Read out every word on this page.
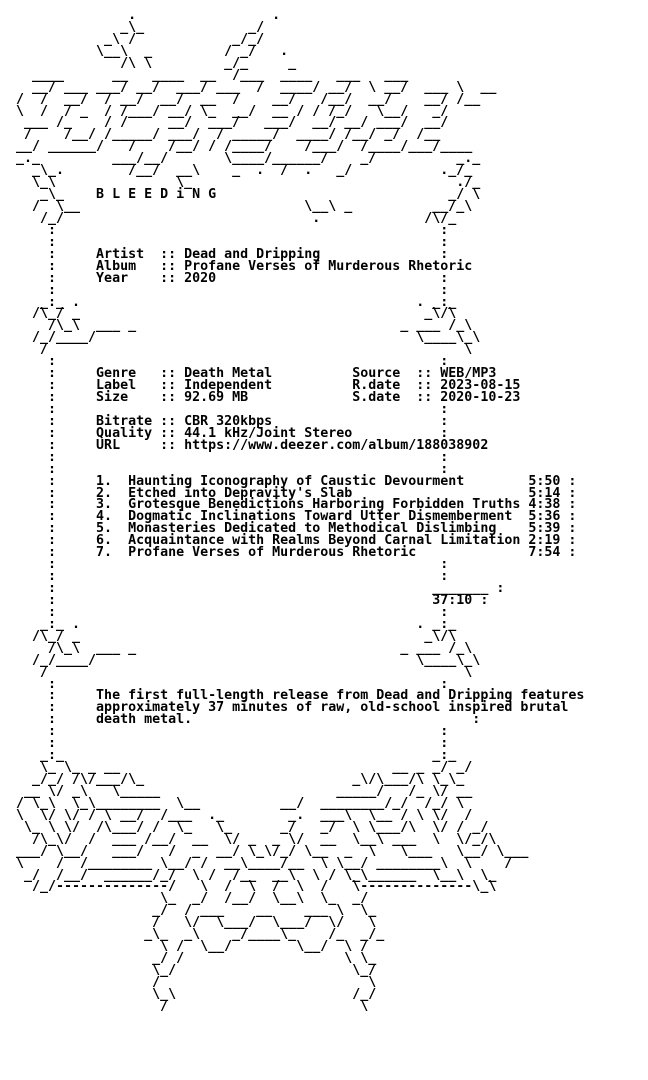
.                 .
_\_             _/
_\ /            _/_/
\__\  _         / _/   .
/\ \         _/_     _
____      __   ____  __  /___  ____   ___   ___
__/ ___ ___/ __/  ___/ ___  /  ____/ __/  \ __/  ___ \  __
/  /  __/  / __/  __/  __  /    __/   /__/  __/    __/ /__
\  /  / _  / /___/ __/ \_  __/  __ / / /_/   \__/   _/
___ /_    / /     __/  ___/   ___/  __/ __/ ___/  __/
/    /__/ /_____/ ___/  / _____/  ____/ /__/ _/  /__
__/ ______/   /    /__/ / /____/    /___/  /____/___/____
_._         ___/__/       \____/______/    _/          _._
_\_.        /__/  __\    _  .  /  .   _/           ._/_
\_\               \_                                 ./_
_\_    B L E E D i N G                             _/ \
/  \__                            \__\ _          __/_\
/_/                               .             /\/_
:                                                :
:                                                :
:     Artist  :: Dead and Dripping               :
:     Album   :: Profane Verses of Murderous Rhetoric
:     Year    :: 2020                            :
:                                                :
_:_ .                                          . _:_
/\_/ _                                           _\/\
/\_\  ___ _                                 _ ___ /_\
/_/____/                                        \____\_\
/                                                    \
:                                                :
:     Genre   :: Death Metal          Source  :: WEB/MP3
:     Label   :: Independent          R.date  :: 2023-08-15
:     Size    :: 92.69 MB             S.date  :: 2020-10-23
:                                                :
:     Bitrate :: CBR 320kbps                     :
:     Quality :: 44.1 kHz/Joint Stereo           :
:     URL     :: https://www.deezer.com/album/188038902
:                                                :
:                                                :
:     1.  Haunting Iconography of Caustic Devourment        5:50 :
:     2.  Etched into Depravity's Slab                      5:14 :
:     3.  Grotesque Benedictions Harboring Forbidden Truths 4:38 :
:     4.  Dogmatic Inclinations Toward Utter Dismemberment  5:36 :
:     5.  Monasteries Dedicated to Methodical Dislimbing    5:39 :
:     6.  Acquaintance with Realms Beyond Carnal Limitation 2:19 :
:     7.  Profane Verses of Murderous Rhetoric              7:54 :
:                                                :
:                                                :
:                                               _______ :
:                                               37:10 :
:                                                :
_:_ .                                          . _:_
/\_/ _                                           _\/\
/\_\  ___ _                                 _ ___ /_\
/_/____/                                        \____\_\
/                                                    \
:                                                :
:     The first full-length release from Dead and Dripping features
:     approximately 37 minutes of raw, old-school inspired brutal
:     death metal.                                   :
:                                                :
:                                                :
_:_                                              _:_
\_ \_ _ __                                  __ _ _/ _/
_/_/ /\/___/\_                          _\/\___/\ \_\_
__ \/ _\   \_____                      _____/   /_ \/ __
/ \_\  \_\________  \__          __/  ________/_/  /_/ \
\  \/ \/ / \ __/  /___  ._        _.  ___\  \__ / \ \/  /
\_ \ \/  /\___/ /  \_   \_      _/   _/  \ \___/\  \/ / _/
/\_\/  /  ___ /__/  __  \/ _  _ \/  __  \__\ ___  \  \/_/\
___/ \__/   ___/   /  _  __/ \_\/_/ \__  _  \   \___   \__/ \___
\    /  /________ \__/ /  __\____/__  \ \__/ ________\  \    /
_/  /__/  ______/_/  \ /  /__  __\  \ / \_\______  \__\  \_
/_/--------------/   \  /  \  /  \  /   \--------------\_\
\_  _/  /__/  \__\  \_  _/
_/  / ___    __    ___ \  \_
/   \/  \___/  \___/  \/   \
_\_  _\    _/____\_    /_  _/_
\ /  \__/        \__/  \ /
_/ /                    \ \_
\_/                      \_/
/                          \
\_\                      /_/
/                        \
